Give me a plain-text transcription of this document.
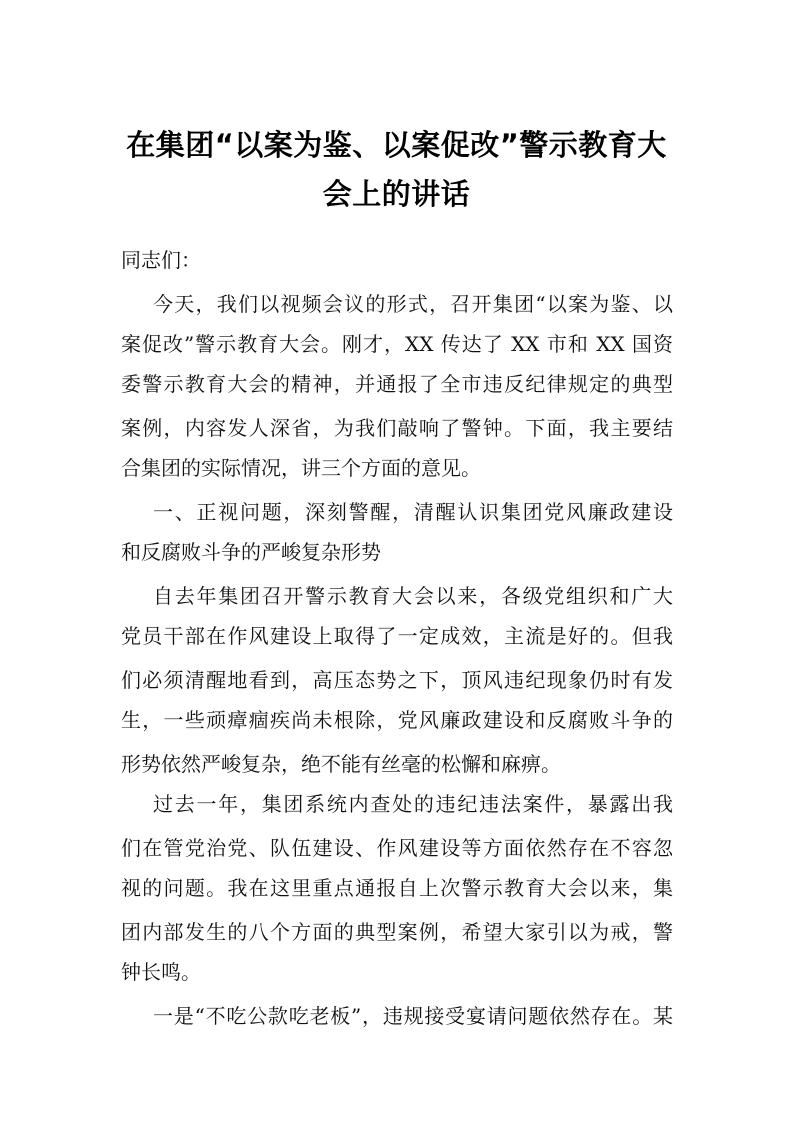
在集团“以案为鉴、以案促改”警示教育大
会上的讲话
同志们：
今天，我们以视频会议的形式，召开集团“以案为鉴、以
案促改”警示教育大会。刚才，XX 传达了 XX 市和 XX 国资
委警示教育大会的精神，并通报了全市违反纪律规定的典型
案例，内容发人深省，为我们敲响了警钟。下面，我主要结
合集团的实际情况，讲三个方面的意见。
一、正视问题，深刻警醒，清醒认识集团党风廉政建设
和反腐败斗争的严峻复杂形势
自去年集团召开警示教育大会以来，各级党组织和广大
党员干部在作风建设上取得了一定成效，主流是好的。但我
们必须清醒地看到，高压态势之下，顶风违纪现象仍时有发
生，一些顽瘴痼疾尚未根除，党风廉政建设和反腐败斗争的
形势依然严峻复杂，绝不能有丝毫的松懈和麻痹。
过去一年，集团系统内查处的违纪违法案件，暴露出我
们在管党治党、队伍建设、作风建设等方面依然存在不容忽
视的问题。我在这里重点通报自上次警示教育大会以来，集
团内部发生的八个方面的典型案例，希望大家引以为戒，警
钟长鸣。
一是“不吃公款吃老板”，违规接受宴请问题依然存在。某
